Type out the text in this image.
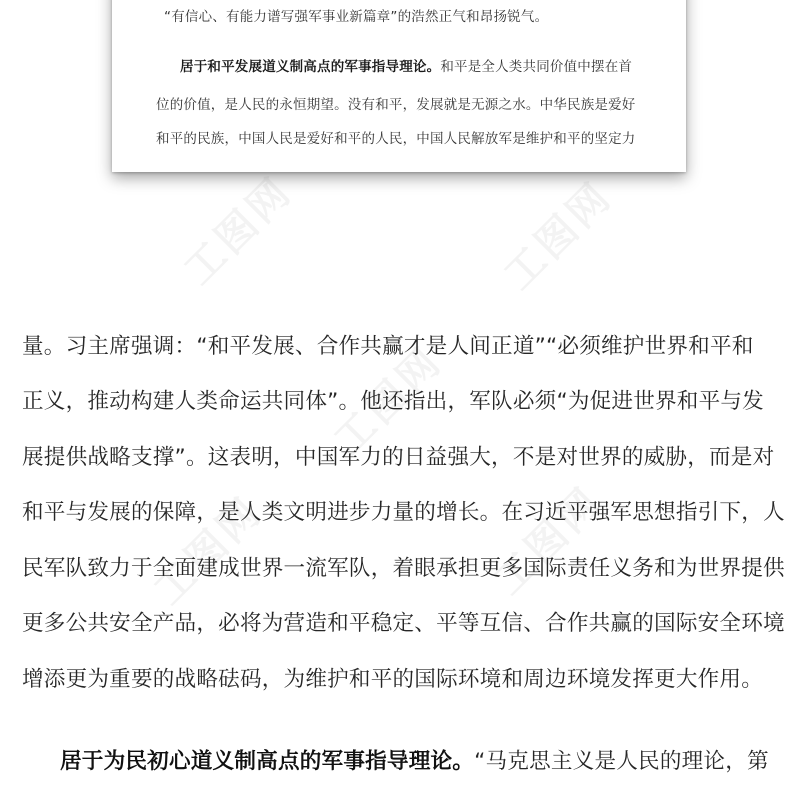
工图网	工图网
工图网
工图网	工图网
“有信心、有能力谱写强军事业新篇章”的浩然正气和昂扬锐气。
居于和平发展道义制高点的军事指导理论。和平是全人类共同价值中摆在首
位的价值，是人民的永恒期望。没有和平，发展就是无源之水。中华民族是爱好
和平的民族，中国人民是爱好和平的人民，中国人民解放军是维护和平的坚定力
量。习主席强调：“和平发展、合作共赢才是人间正道”“必须维护世界和平和
正义，推动构建人类命运共同体”。他还指出，军队必须“为促进世界和平与发
展提供战略支撑”。这表明，中国军力的日益强大，不是对世界的威胁，而是对
和平与发展的保障，是人类文明进步力量的增长。在习近平强军思想指引下，人
民军队致力于全面建成世界一流军队，着眼承担更多国际责任义务和为世界提供
更多公共安全产品，必将为营造和平稳定、平等互信、合作共赢的国际安全环境
增添更为重要的战略砝码，为维护和平的国际环境和周边环境发挥更大作用。
居于为民初心道义制高点的军事指导理论。“马克思主义是人民的理论，第
